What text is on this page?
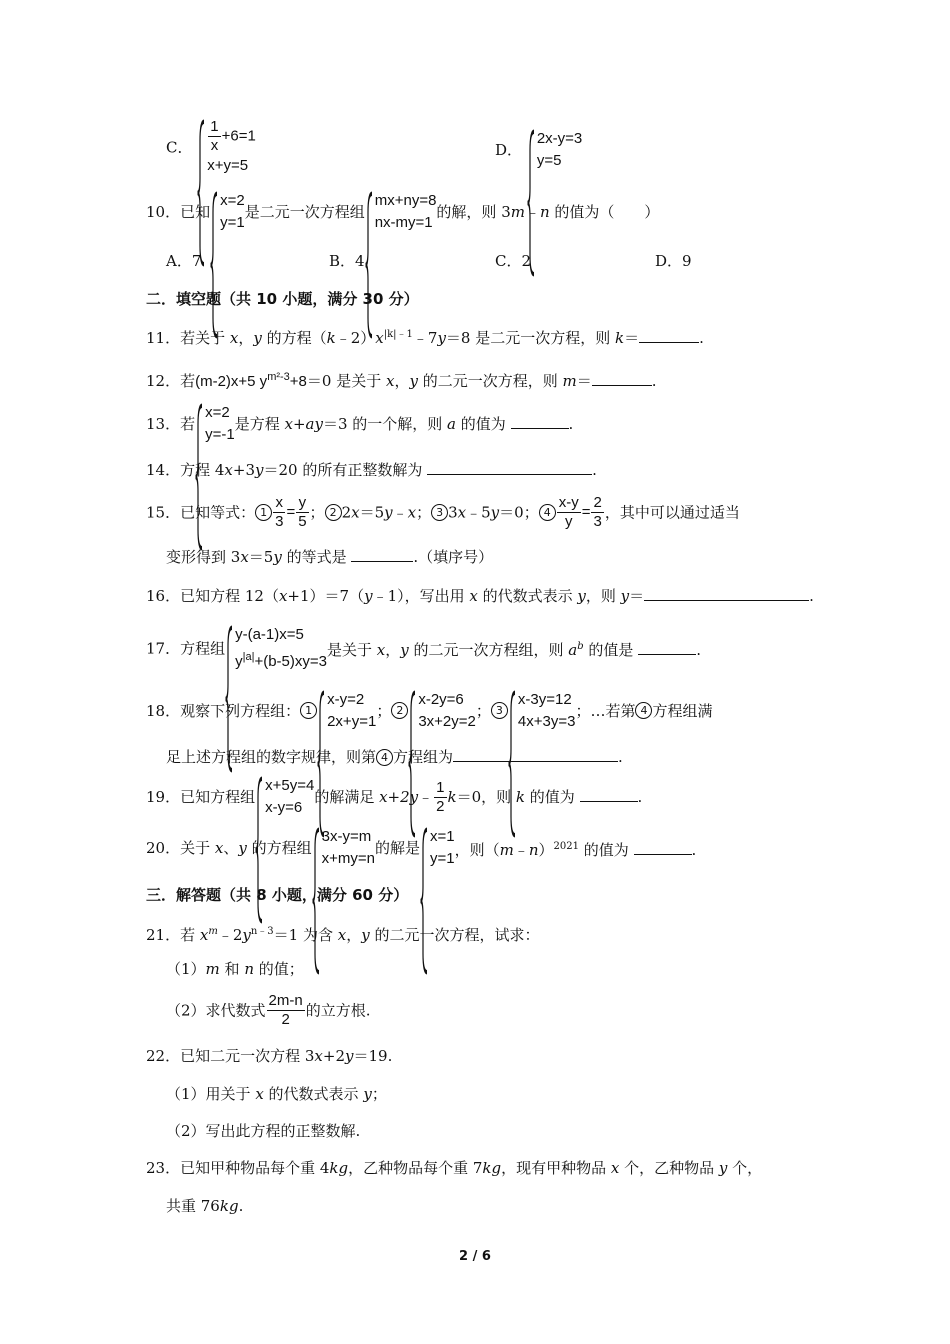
C． $\frac{1}{x} +6=1$
x+y=5
D．
2x-y=3
y=5
10．已知
x=2
y=1
是二元一次方程组
mx+ny=8
nx-my=1
的解，则 3m﹣n 的值为（　　）
A．7	B．4	C．2	D．9
二．填空题（共 10 小题，满分 30 分）
11．若关于 x，y 的方程$(k﹣2)x^{|k|﹣1}﹣7y=8$ 是二元一次方程，则 k＝	.
12．若(m-2)x+5 $y^{m^2-3}+8=0$ 是关于 x，y 的二元一次方程，则 m＝	.
13．若
x=2
y=-1
是方程 x+ay＝3 的一个解，则 a 的值为	.
14．方程 4x+3y＝20 的所有正整数解为	.
15．已知等式： $1 \frac{x}{3} = \frac{y}{5}$ ； 2 2x＝5y﹣x； 3 3x﹣5y＝0； $4 \frac{x-y}{y} = \frac{2}{3}$ ，其中可以通过适当
变形得到 3x＝5y 的等式是	.（填序号）
16．已知方程 12（x+1）＝7（y﹣1），写出用 x 的代数式表示 y，则 y＝	.
17．方程组
y-(a-1)x=5
$y^{|a|}+(b-5)xy=3$
是关于 x，y 的二元一次方程组，则 $a^b$ 的值是	.
18．观察下列方程组： 1
x-y=2
2x+y=1
； 2
x-2y=6
3x+2y=2
； 3
x-3y=12
4x+3y=3
；…若第 4 方程组满
足上述方程组的数字规律，则第 4 方程组为	.
19．已知方程组
x+5y=4
x-y=6
的解满足 x+2y﹣ $\frac{1}{2} k=0$，则 k 的值为	.
20．关于 x、y 的方程组
3x-y=m
x+my=n
的解是
x=1
y=1 ，则（m﹣n）$^{2021}$ 的值为	.
三．解答题（共 8 小题，满分 60 分）
21．若 $x^m﹣2y^{n﹣3}=1$ 为含 x，y 的二元一次方程，试求：
（1）m 和 n 的值；
（2）求代数式 $\frac{2m-n}{2}$ 的立方根.
22．已知二元一次方程 3x+2y＝19.
（1）用关于 x 的代数式表示 y；
（2）写出此方程的正整数解.
23．已知甲种物品每个重 4kg，乙种物品每个重 7kg，现有甲种物品 x 个，乙种物品 y 个，
共重 76kg.
2 / 6
